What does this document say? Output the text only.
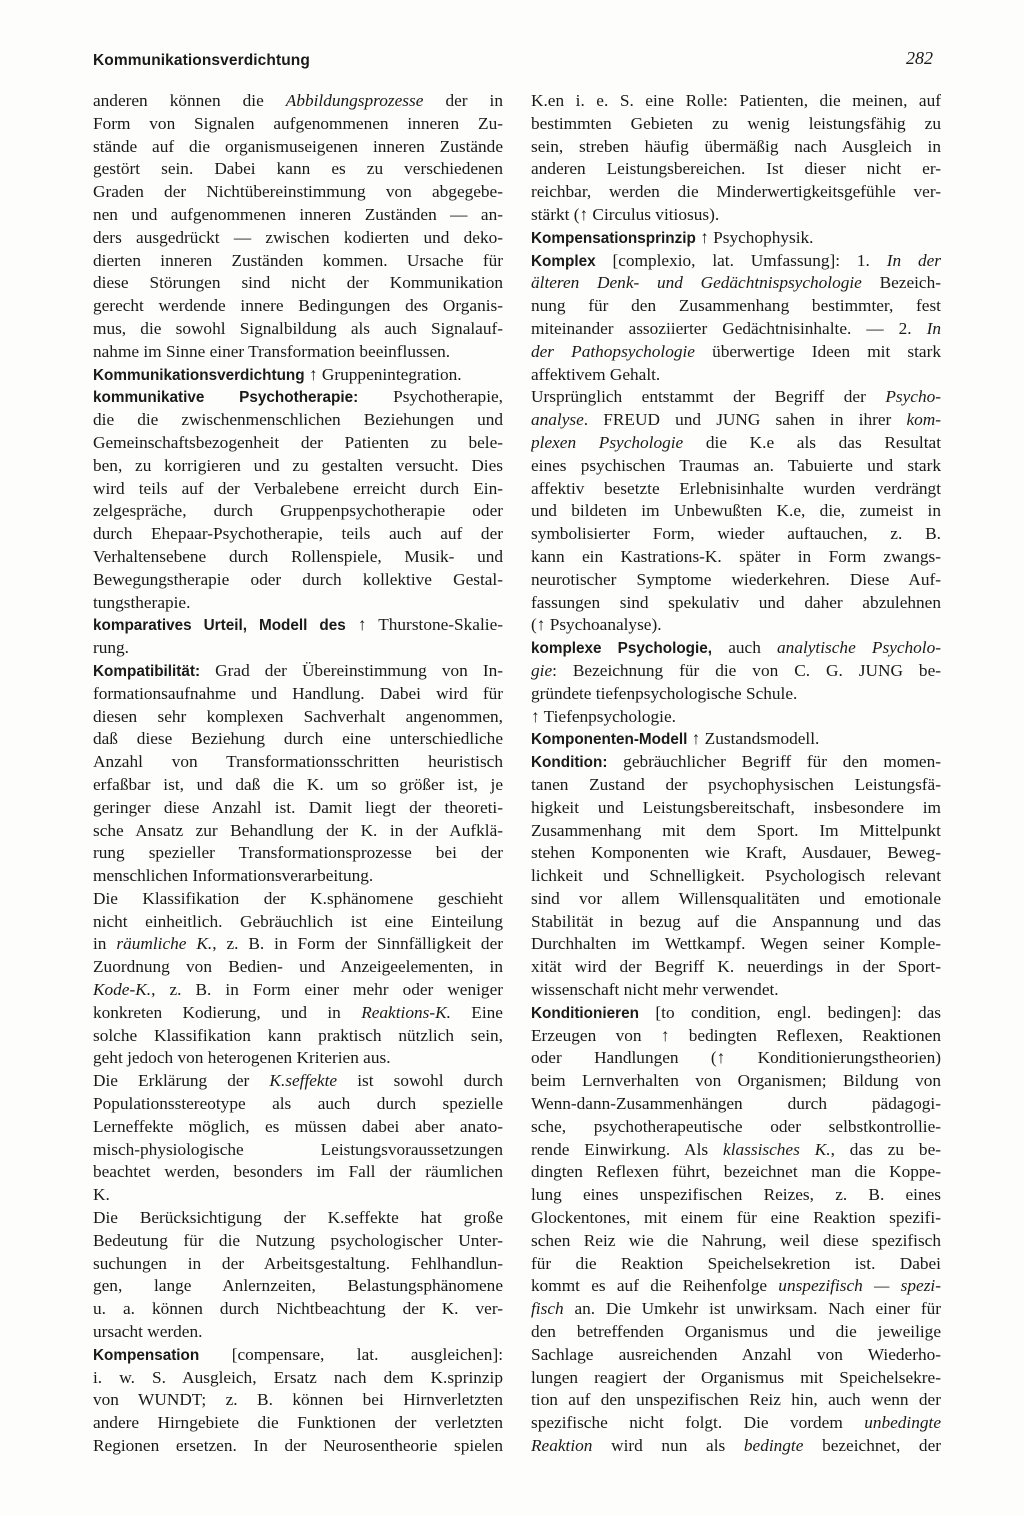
Kommunikationsverdichtung	282
anderen können die Abbildungsprozesse der in
Form von Signalen aufgenommenen inneren Zu-
stände auf die organismuseigenen inneren Zustände
gestört sein. Dabei kann es zu verschiedenen
Graden der Nichtübereinstimmung von abgegebe-
nen und aufgenommenen inneren Zuständen — an-
ders ausgedrückt — zwischen kodierten und deko-
dierten inneren Zuständen kommen. Ursache für
diese Störungen sind nicht der Kommunikation
gerecht werdende innere Bedingungen des Organis-
mus, die sowohl Signalbildung als auch Signalauf-
nahme im Sinne einer Transformation beeinflussen.
Kommunikationsverdichtung ↑ Gruppenintegration.
kommunikative Psychotherapie: Psychotherapie,
die die zwischenmenschlichen Beziehungen und
Gemeinschaftsbezogenheit der Patienten zu bele-
ben, zu korrigieren und zu gestalten versucht. Dies
wird teils auf der Verbalebene erreicht durch Ein-
zelgespräche, durch Gruppenpsychotherapie oder
durch Ehepaar-Psychotherapie, teils auch auf der
Verhaltensebene durch Rollenspiele, Musik- und
Bewegungstherapie oder durch kollektive Gestal-
tungstherapie.
komparatives Urteil, Modell des ↑ Thurstone-Skalie-
rung.
Kompatibilität: Grad der Übereinstimmung von In-
formationsaufnahme und Handlung. Dabei wird für
diesen sehr komplexen Sachverhalt angenommen,
daß diese Beziehung durch eine unterschiedliche
Anzahl von Transformationsschritten heuristisch
erfaßbar ist, und daß die K. um so größer ist, je
geringer diese Anzahl ist. Damit liegt der theoreti-
sche Ansatz zur Behandlung der K. in der Aufklä-
rung spezieller Transformationsprozesse bei der
menschlichen Informationsverarbeitung.
Die Klassifikation der K.sphänomene geschieht
nicht einheitlich. Gebräuchlich ist eine Einteilung
in räumliche K., z. B. in Form der Sinnfälligkeit der
Zuordnung von Bedien- und Anzeigeelementen, in
Kode-K., z. B. in Form einer mehr oder weniger
konkreten Kodierung, und in Reaktions-K. Eine
solche Klassifikation kann praktisch nützlich sein,
geht jedoch von heterogenen Kriterien aus.
Die Erklärung der K.seffekte ist sowohl durch
Populationsstereotype als auch durch spezielle
Lerneffekte möglich, es müssen dabei aber anato-
misch-physiologische Leistungsvoraussetzungen
beachtet werden, besonders im Fall der räumlichen
K.
Die Berücksichtigung der K.seffekte hat große
Bedeutung für die Nutzung psychologischer Unter-
suchungen in der Arbeitsgestaltung. Fehlhandlun-
gen, lange Anlernzeiten, Belastungsphänomene
u. a. können durch Nichtbeachtung der K. ver-
ursacht werden.
Kompensation [compensare, lat. ausgleichen]:
i. w. S. Ausgleich, Ersatz nach dem K.sprinzip
von WUNDT; z. B. können bei Hirnverletzten
andere Hirngebiete die Funktionen der verletzten
Regionen ersetzen. In der Neurosentheorie spielen
K.en i. e. S. eine Rolle: Patienten, die meinen, auf
bestimmten Gebieten zu wenig leistungsfähig zu
sein, streben häufig übermäßig nach Ausgleich in
anderen Leistungsbereichen. Ist dieser nicht er-
reichbar, werden die Minderwertigkeitsgefühle ver-
stärkt (↑ Circulus vitiosus).
Kompensationsprinzip ↑ Psychophysik.
Komplex [complexio, lat. Umfassung]: 1. In der
älteren Denk- und Gedächtnispsychologie Bezeich-
nung für den Zusammenhang bestimmter, fest
miteinander assoziierter Gedächtnisinhalte. — 2. In
der Pathopsychologie überwertige Ideen mit stark
affektivem Gehalt.
Ursprünglich entstammt der Begriff der Psycho-
analyse. FREUD und JUNG sahen in ihrer kom-
plexen Psychologie die K.e als das Resultat
eines psychischen Traumas an. Tabuierte und stark
affektiv besetzte Erlebnisinhalte wurden verdrängt
und bildeten im Unbewußten K.e, die, zumeist in
symbolisierter Form, wieder auftauchen, z. B.
kann ein Kastrations-K. später in Form zwangs-
neurotischer Symptome wiederkehren. Diese Auf-
fassungen sind spekulativ und daher abzulehnen
(↑ Psychoanalyse).
komplexe Psychologie, auch analytische Psycholo-
gie: Bezeichnung für die von C. G. JUNG be-
gründete tiefenpsychologische Schule.
↑ Tiefenpsychologie.
Komponenten-Modell ↑ Zustandsmodell.
Kondition: gebräuchlicher Begriff für den momen-
tanen Zustand der psychophysischen Leistungsfä-
higkeit und Leistungsbereitschaft, insbesondere im
Zusammenhang mit dem Sport. Im Mittelpunkt
stehen Komponenten wie Kraft, Ausdauer, Beweg-
lichkeit und Schnelligkeit. Psychologisch relevant
sind vor allem Willensqualitäten und emotionale
Stabilität in bezug auf die Anspannung und das
Durchhalten im Wettkampf. Wegen seiner Komple-
xität wird der Begriff K. neuerdings in der Sport-
wissenschaft nicht mehr verwendet.
Konditionieren [to condition, engl. bedingen]: das
Erzeugen von ↑ bedingten Reflexen, Reaktionen
oder Handlungen (↑ Konditionierungstheorien)
beim Lernverhalten von Organismen; Bildung von
Wenn-dann-Zusammenhängen durch pädagogi-
sche, psychotherapeutische oder selbstkontrollie-
rende Einwirkung. Als klassisches K., das zu be-
dingten Reflexen führt, bezeichnet man die Koppe-
lung eines unspezifischen Reizes, z. B. eines
Glockentones, mit einem für eine Reaktion spezifi-
schen Reiz wie die Nahrung, weil diese spezifisch
für die Reaktion Speichelsekretion ist. Dabei
kommt es auf die Reihenfolge unspezifisch — spezi-
fisch an. Die Umkehr ist unwirksam. Nach einer für
den betreffenden Organismus und die jeweilige
Sachlage ausreichenden Anzahl von Wiederho-
lungen reagiert der Organismus mit Speichelsekre-
tion auf den unspezifischen Reiz hin, auch wenn der
spezifische nicht folgt. Die vordem unbedingte
Reaktion wird nun als bedingte bezeichnet, der
